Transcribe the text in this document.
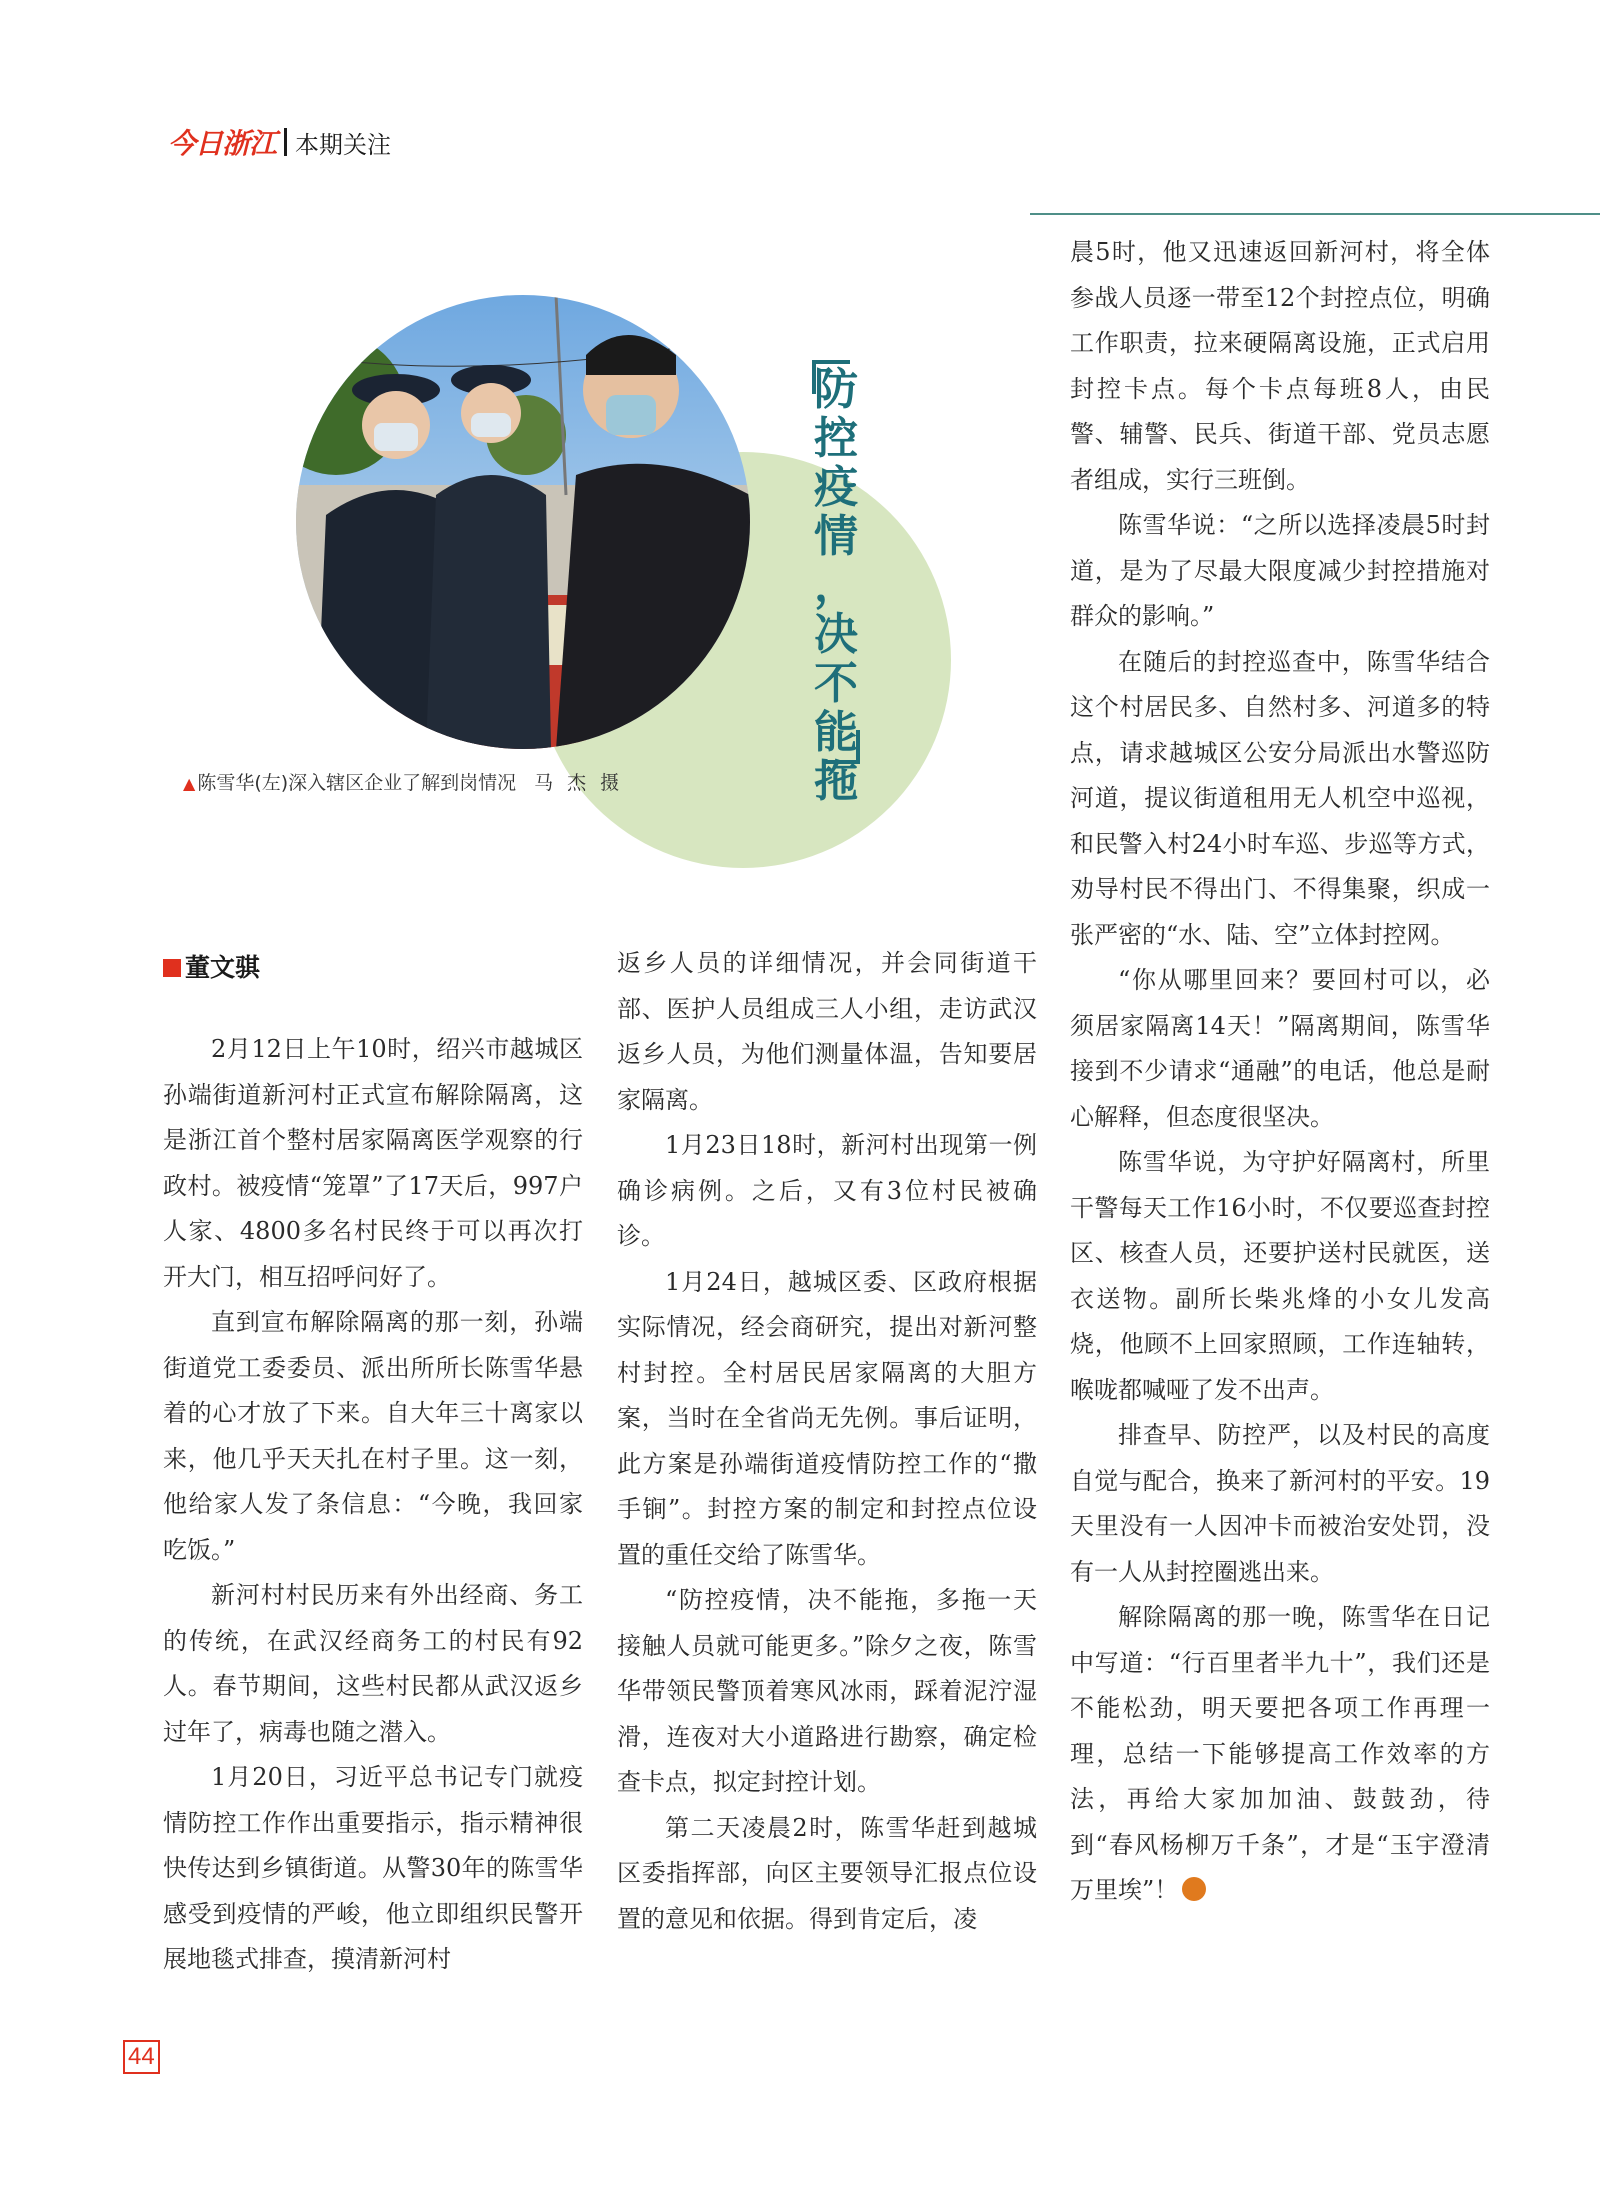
今日浙江 本期关注
防
控
疫
情
，
决
不
能
拖
▲ 陈雪华(左)深入辖区企业了解到岗情况 马杰摄
董文骐

2月12日上午10时，绍兴市越城区孙端街道新河村正式宣布解除隔离，这是浙江首个整村居家隔离医学观察的行政村。被疫情“笼罩”了17天后，997户人家、4800多名村民终于可以再次打开大门，相互招呼问好了。

直到宣布解除隔离的那一刻，孙端街道党工委委员、派出所所长陈雪华悬着的心才放了下来。自大年三十离家以来，他几乎天天扎在村子里。这一刻，他给家人发了条信息：“今晚，我回家吃饭。”

新河村村民历来有外出经商、务工的传统，在武汉经商务工的村民有92人。春节期间，这些村民都从武汉返乡过年了，病毒也随之潜入。

1月20日，习近平总书记专门就疫情防控工作作出重要指示，指示精神很快传达到乡镇街道。从警30年的陈雪华感受到疫情的严峻，他立即组织民警开展地毯式排查，摸清新河村

返乡人员的详细情况，并会同街道干部、医护人员组成三人小组，走访武汉返乡人员，为他们测量体温，告知要居家隔离。

1月23日18时，新河村出现第一例确诊病例。之后，又有3位村民被确诊。

1月24日，越城区委、区政府根据实际情况，经会商研究，提出对新河整村封控。全村居民居家隔离的大胆方案，当时在全省尚无先例。事后证明，此方案是孙端街道疫情防控工作的“撒手锏”。封控方案的制定和封控点位设置的重任交给了陈雪华。

“防控疫情，决不能拖，多拖一天接触人员就可能更多。”除夕之夜，陈雪华带领民警顶着寒风冰雨，踩着泥泞湿滑，连夜对大小道路进行勘察，确定检查卡点，拟定封控计划。

第二天凌晨2时，陈雪华赶到越城区委指挥部，向区主要领导汇报点位设置的意见和依据。得到肯定后，凌

晨5时，他又迅速返回新河村，将全体参战人员逐一带至12个封控点位，明确工作职责，拉来硬隔离设施，正式启用封控卡点。每个卡点每班8人，由民警、辅警、民兵、街道干部、党员志愿者组成，实行三班倒。

陈雪华说：“之所以选择凌晨5时封道，是为了尽最大限度减少封控措施对群众的影响。”

在随后的封控巡查中，陈雪华结合这个村居民多、自然村多、河道多的特点，请求越城区公安分局派出水警巡防河道，提议街道租用无人机空中巡视，和民警入村24小时车巡、步巡等方式，劝导村民不得出门、不得集聚，织成一张严密的“水、陆、空”立体封控网。

“你从哪里回来？要回村可以，必须居家隔离14天！”隔离期间，陈雪华接到不少请求“通融”的电话，他总是耐心解释，但态度很坚决。

陈雪华说，为守护好隔离村，所里干警每天工作16小时，不仅要巡查封控区、核查人员，还要护送村民就医，送衣送物。副所长柴兆烽的小女儿发高烧，他顾不上回家照顾，工作连轴转，喉咙都喊哑了发不出声。

排查早、防控严，以及村民的高度自觉与配合，换来了新河村的平安。19天里没有一人因冲卡而被治安处罚，没有一人从封控圈逃出来。

解除隔离的那一晚，陈雪华在日记中写道：“行百里者半九十”，我们还是不能松劲，明天要把各项工作再理一理，总结一下能够提高工作效率的方法，再给大家加加油、鼓鼓劲，待到“春风杨柳万千条”，才是“玉宇澄清万里埃”！

44
